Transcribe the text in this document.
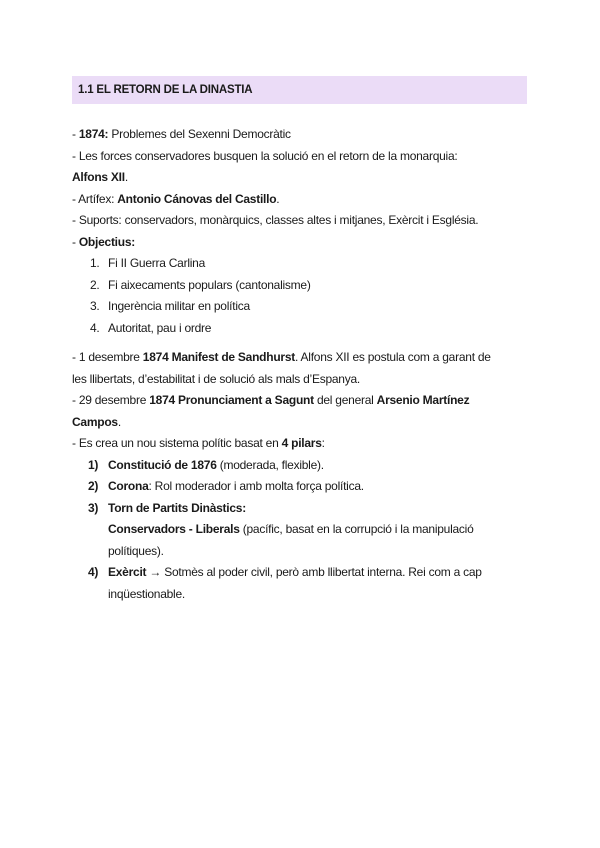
1.1 EL RETORN DE LA DINASTIA
- 1874: Problemes del Sexenni Democràtic
- Les forces conservadores busquen la solució en el retorn de la monarquia:
Alfons XII.
- Artífex: Antonio Cánovas del Castillo.
- Suports: conservadors, monàrquics, classes altes i mitjanes, Exèrcit i Església.
- Objectius:
1. Fi II Guerra Carlina
2. Fi aixecaments populars (cantonalisme)
3. Ingerència militar en política
4. Autoritat, pau i ordre
- 1 desembre 1874 Manifest de Sandhurst. Alfons XII es postula com a garant de
les llibertats, d’estabilitat i de solució als mals d’Espanya.
- 29 desembre 1874 Pronunciament a Sagunt del general Arsenio Martínez
Campos.
- Es crea un nou sistema polític basat en 4 pilars:
1) Constitució de 1876 (moderada, flexible).
2) Corona: Rol moderador i amb molta força política.
3) Torn de Partits Dinàstics:
Conservadors - Liberals (pacífic, basat en la corrupció i la manipulació
polítiques).
4) Exèrcit → Sotmès al poder civil, però amb llibertat interna. Rei com a cap
inqüestionable.
